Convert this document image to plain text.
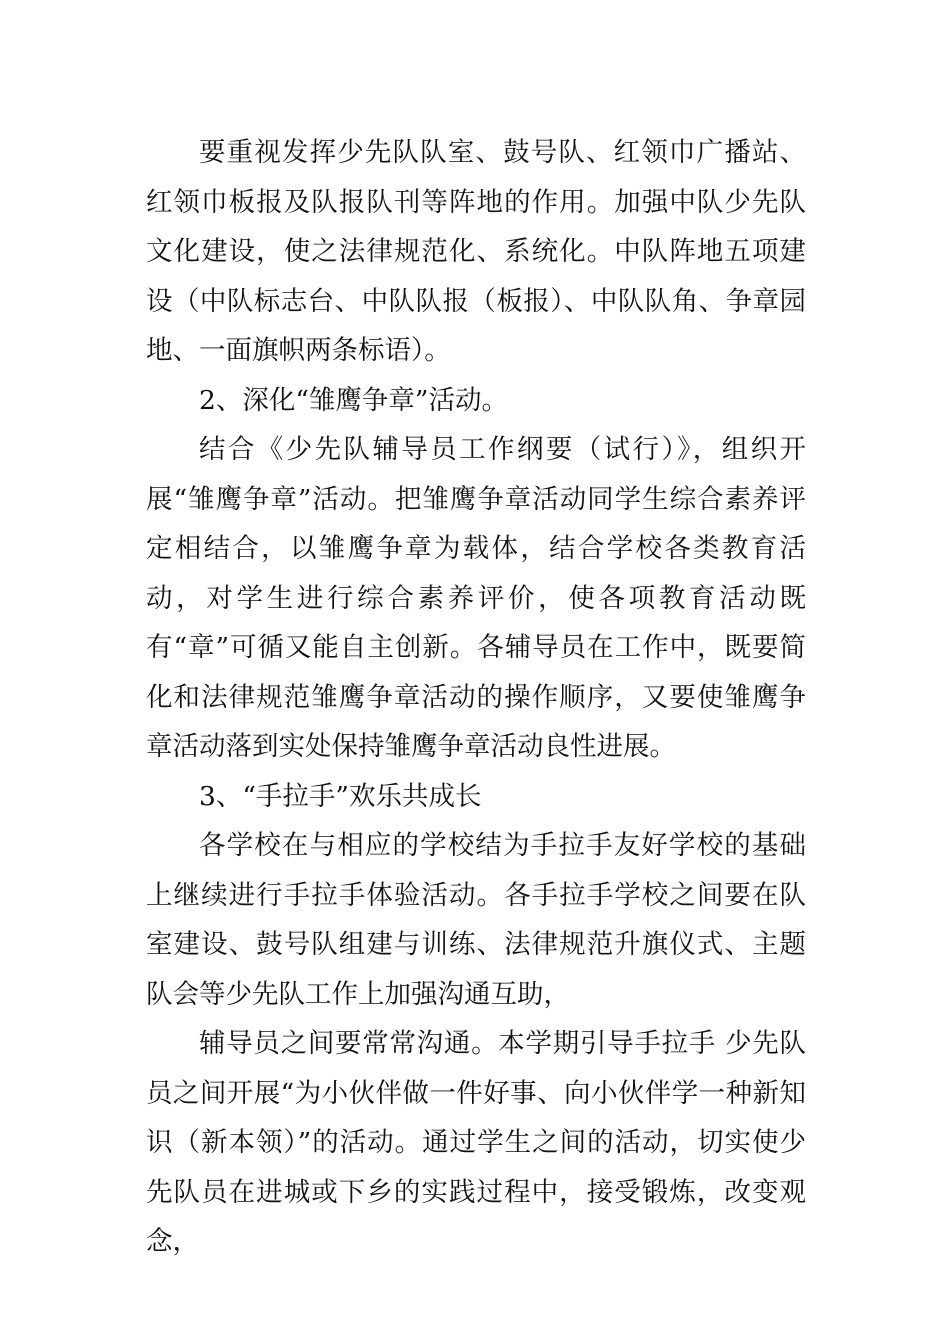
要重视发挥少先队队室、鼓号队、红领巾广播站、红领巾板报及队报队刊等阵地的作用。加强中队少先队文化建设，使之法律规范化、系统化。中队阵地五项建设（中队标志台、中队队报（板报）、中队队角、争章园地、一面旗帜两条标语）。

2、深化“雏鹰争章”活动。

结合《少先队辅导员工作纲要（试行）》，组织开展“雏鹰争章”活动。把雏鹰争章活动同学生综合素养评定相结合，以雏鹰争章为载体，结合学校各类教育活动，对学生进行综合素养评价，使各项教育活动既有“章”可循又能自主创新。各辅导员在工作中，既要简化和法律规范雏鹰争章活动的操作顺序，又要使雏鹰争章活动落到实处保持雏鹰争章活动良性进展。

3、“手拉手”欢乐共成长

各学校在与相应的学校结为手拉手友好学校的基础上继续进行手拉手体验活动。各手拉手学校之间要在队室建设、鼓号队组建与训练、法律规范升旗仪式、主题队会等少先队工作上加强沟通互助，

辅导员之间要常常沟通。本学期引导手拉手 少先队员之间开展“为小伙伴做一件好事、向小伙伴学一种新知识（新本领）”的活动。通过学生之间的活动，切实使少先队员在进城或下乡的实践过程中，接受锻炼，改变观念，
